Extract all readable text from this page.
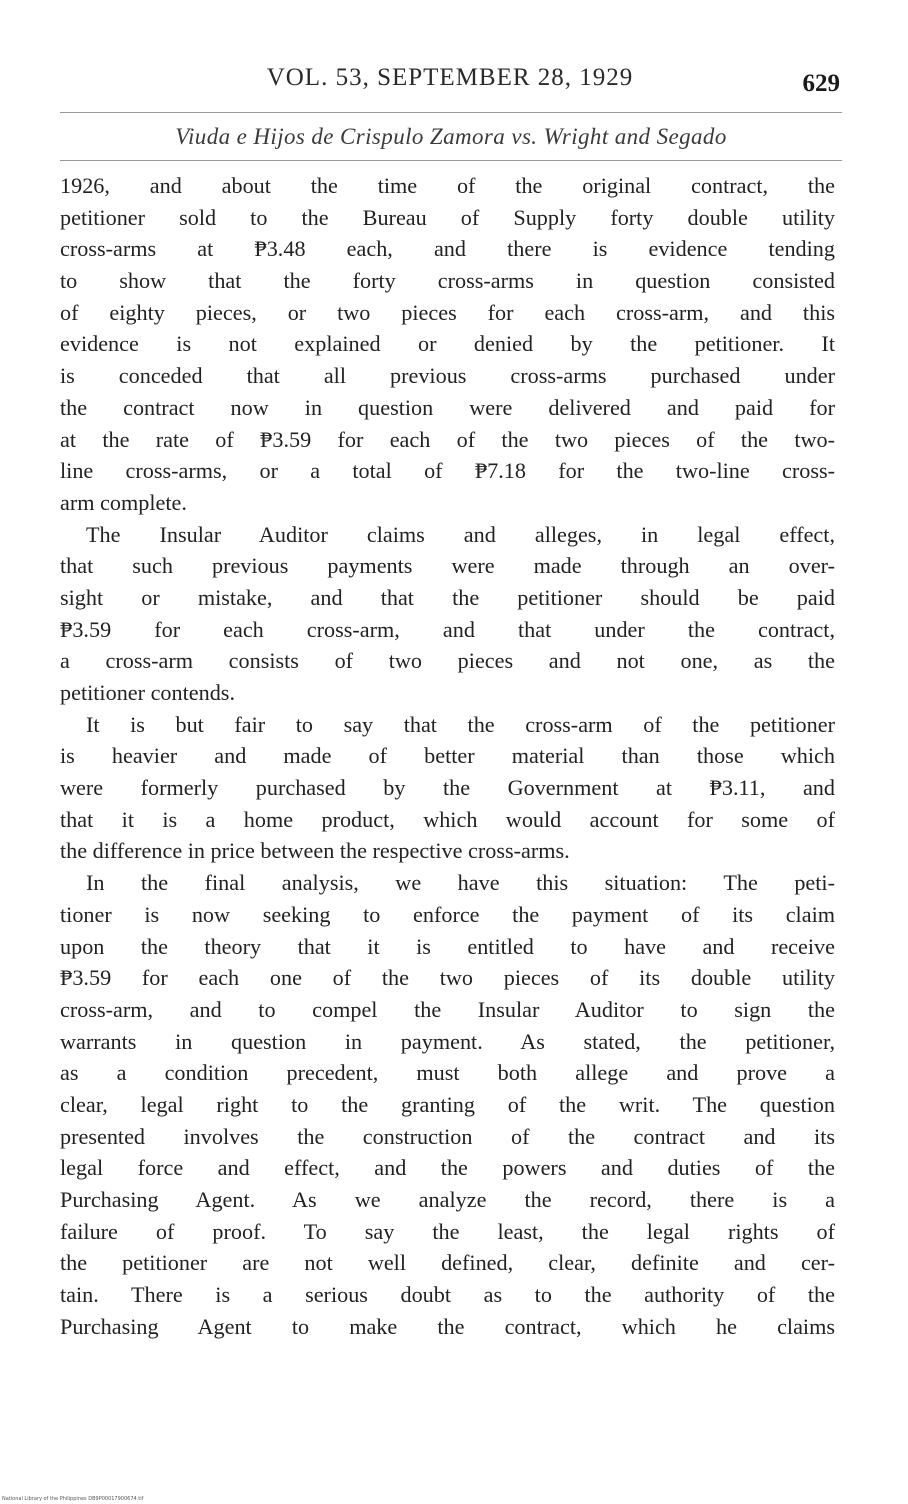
VOL. 53, SEPTEMBER 28, 1929	629
Viuda e Hijos de Crispulo Zamora vs. Wright and Segado
1926, and about the time of the original contract, the
petitioner sold to the Bureau of Supply forty double utility
cross-arms at ₱3.48 each, and there is evidence tending
to show that the forty cross-arms in question consisted
of eighty pieces, or two pieces for each cross-arm, and this
evidence is not explained or denied by the petitioner. It
is conceded that all previous cross-arms purchased under
the contract now in question were delivered and paid for
at the rate of ₱3.59 for each of the two pieces of the two-
line cross-arms, or a total of ₱7.18 for the two-line cross-
arm complete.
The Insular Auditor claims and alleges, in legal effect,
that such previous payments were made through an over-
sight or mistake, and that the petitioner should be paid
₱3.59 for each cross-arm, and that under the contract,
a cross-arm consists of two pieces and not one, as the
petitioner contends.
It is but fair to say that the cross-arm of the petitioner
is heavier and made of better material than those which
were formerly purchased by the Government at ₱3.11, and
that it is a home product, which would account for some of
the difference in price between the respective cross-arms.
In the final analysis, we have this situation: The peti-
tioner is now seeking to enforce the payment of its claim
upon the theory that it is entitled to have and receive
₱3.59 for each one of the two pieces of its double utility
cross-arm, and to compel the Insular Auditor to sign the
warrants in question in payment. As stated, the petitioner,
as a condition precedent, must both allege and prove a
clear, legal right to the granting of the writ. The question
presented involves the construction of the contract and its
legal force and effect, and the powers and duties of the
Purchasing Agent. As we analyze the record, there is a
failure of proof. To say the least, the legal rights of
the petitioner are not well defined, clear, definite and cer-
tain. There is a serious doubt as to the authority of the
Purchasing Agent to make the contract, which he claims
National Library of the Philippines DB9P00017900674.tif
